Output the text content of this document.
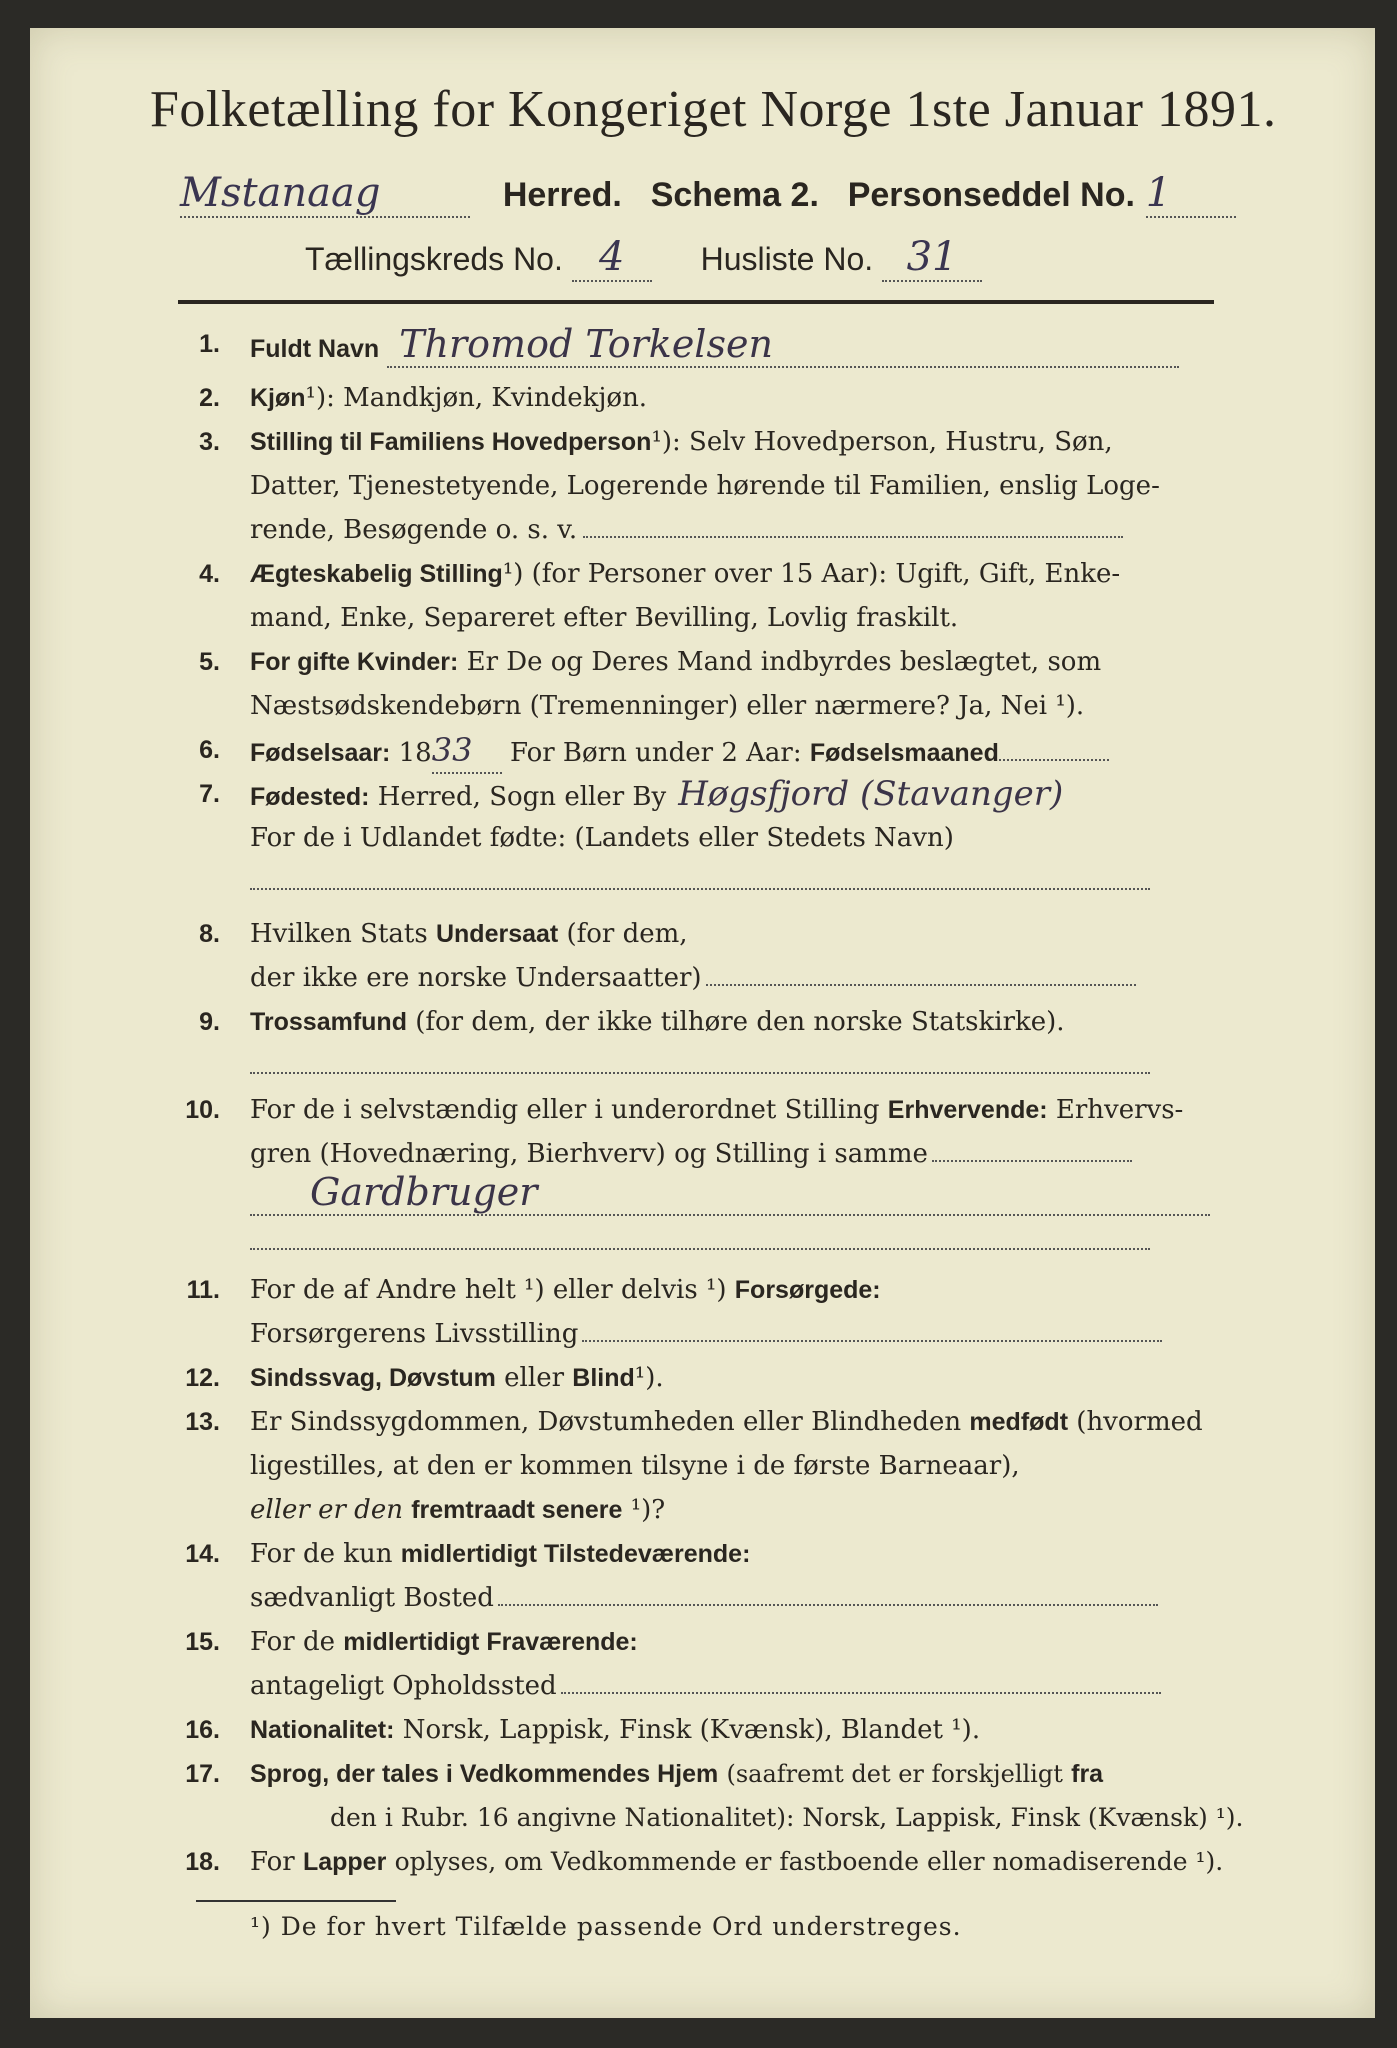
Folketælling for Kongeriget Norge 1ste Januar 1891.
Mstanaag	Herred. Schema 2. Personseddel No. 1
Tællingskreds No. 4 Husliste No. 31
1. Fuldt Navn Thromod Torkelsen
2. Kjøn¹): Mandkjøn, Kvindekjøn.
3. Stilling til Familiens Hovedperson¹): Selv Hovedperson, Hustru, Søn,
Datter, Tjenestetyende, Logerende hørende til Familien, enslig Loge-
rende, Besøgende o. s. v.
4. Ægteskabelig Stilling¹) (for Personer over 15 Aar): Ugift, Gift, Enke-
mand, Enke, Separeret efter Bevilling, Lovlig fraskilt.
5. For gifte Kvinder: Er De og Deres Mand indbyrdes beslægtet, som
Næstsødskendebørn (Tremenninger) eller nærmere? Ja, Nei ¹).
6. Fødselsaar: 1833 For Børn under 2 Aar: Fødselsmaaned
7. Fødested: Herred, Sogn eller By Høgsfjord (Stavanger)
For de i Udlandet fødte: (Landets eller Stedets Navn)
8. Hvilken Stats Undersaat (for dem,
der ikke ere norske Undersaatter)
9. Trossamfund (for dem, der ikke tilhøre den norske Statskirke).
10. For de i selvstændig eller i underordnet Stilling Erhvervende: Erhvervs-
gren (Hovednæring, Bierhverv) og Stilling i samme
Gardbruger
11. For de af Andre helt ¹) eller delvis ¹) Forsørgede:
Forsørgerens Livsstilling
12. Sindssvag, Døvstum eller Blind¹).
13. Er Sindssygdommen, Døvstumheden eller Blindheden medfødt (hvormed
ligestilles, at den er kommen tilsyne i de første Barneaar),
eller er den fremtraadt senere ¹)?
14. For de kun midlertidigt Tilstedeværende:
sædvanligt Bosted
15. For de midlertidigt Fraværende:
antageligt Opholdssted
16. Nationalitet: Norsk, Lappisk, Finsk (Kvænsk), Blandet ¹).
17. Sprog, der tales i Vedkommendes Hjem (saafremt det er forskjelligt fra
den i Rubr. 16 angivne Nationalitet): Norsk, Lappisk, Finsk (Kvænsk) ¹).
18. For Lapper oplyses, om Vedkommende er fastboende eller nomadiserende ¹).
¹) De for hvert Tilfælde passende Ord understreges.
